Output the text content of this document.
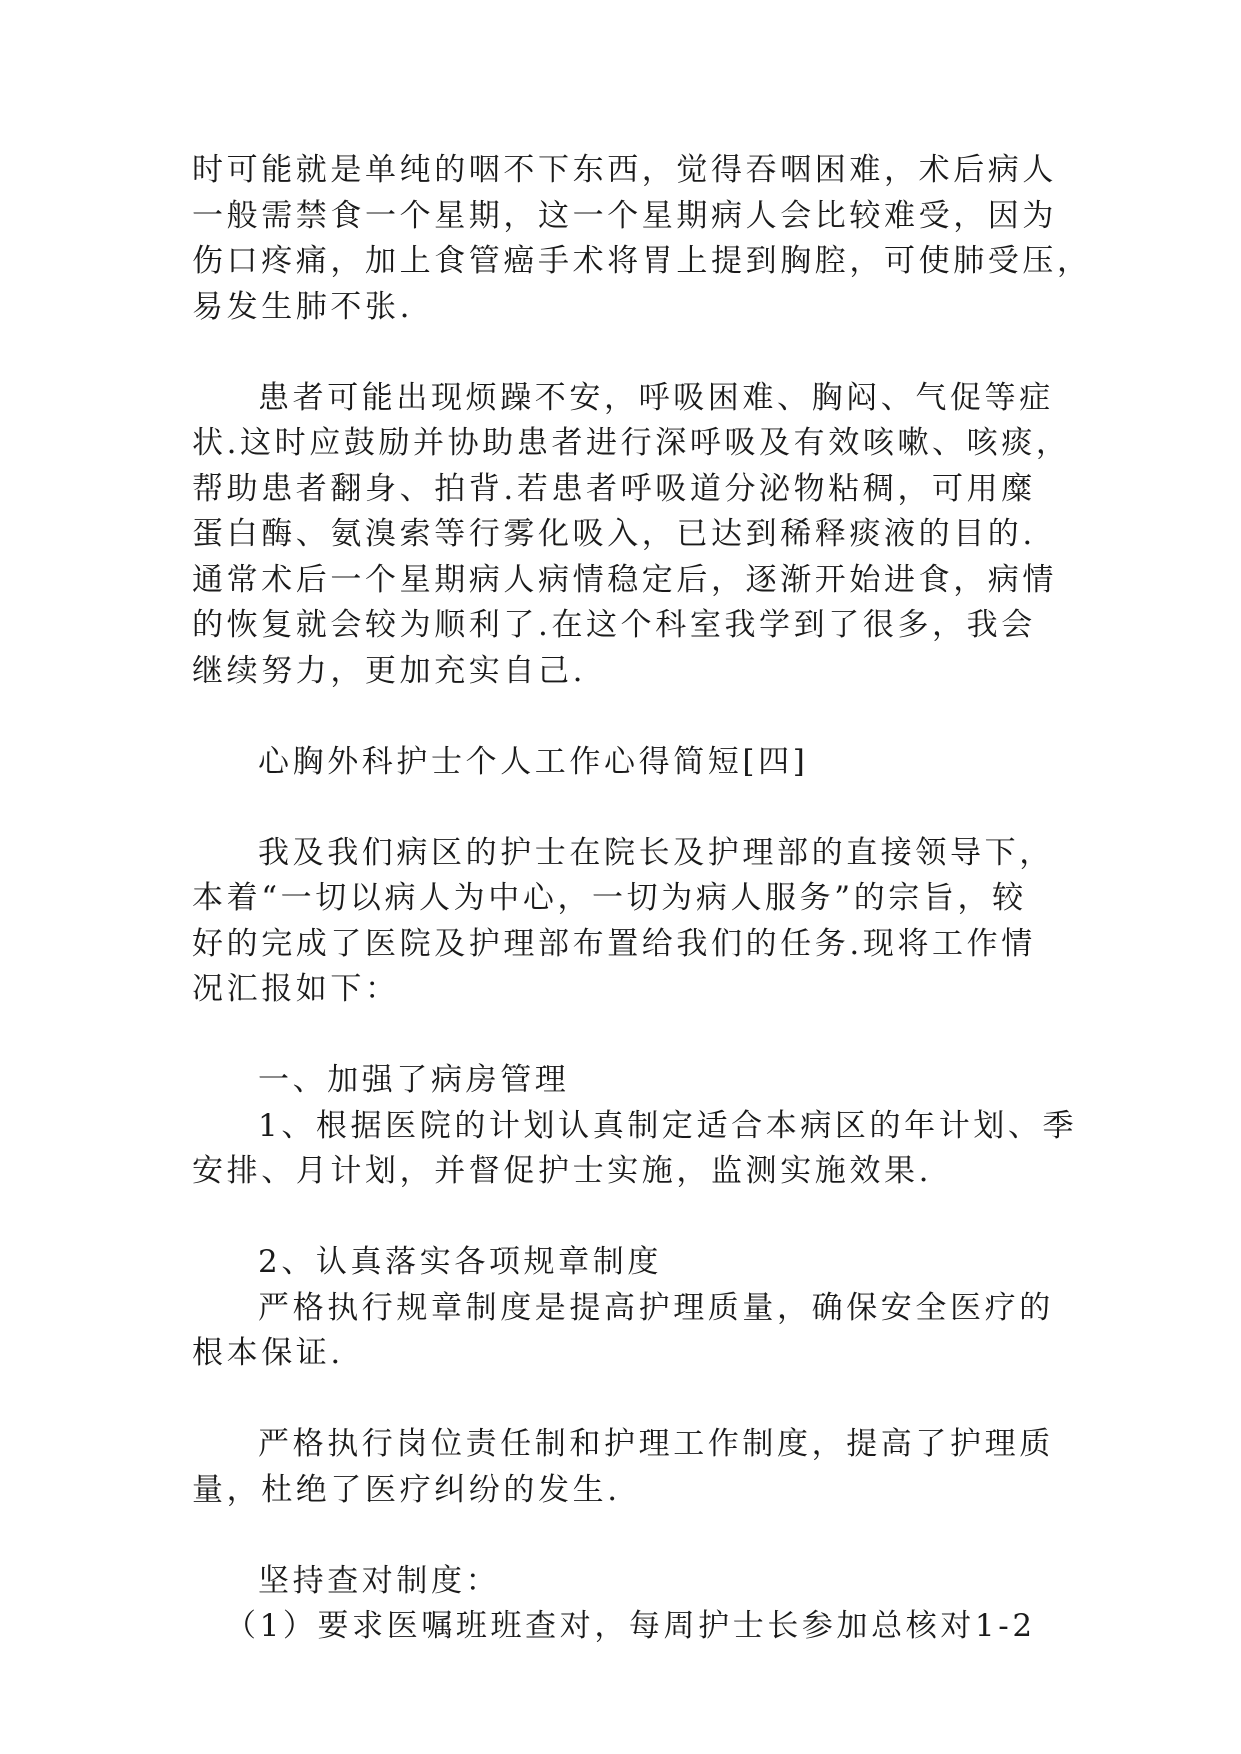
时可能就是单纯的咽不下东西，觉得吞咽困难，术后病人
一般需禁食一个星期，这一个星期病人会比较难受，因为
伤口疼痛，加上食管癌手术将胃上提到胸腔，可使肺受压，
易发生肺不张.
患者可能出现烦躁不安，呼吸困难、胸闷、气促等症
状.这时应鼓励并协助患者进行深呼吸及有效咳嗽、咳痰，
帮助患者翻身、拍背.若患者呼吸道分泌物粘稠，可用糜
蛋白酶、氨溴索等行雾化吸入，已达到稀释痰液的目的.
通常术后一个星期病人病情稳定后，逐渐开始进食，病情
的恢复就会较为顺利了.在这个科室我学到了很多，我会
继续努力，更加充实自己.
心胸外科护士个人工作心得简短[四]
我及我们病区的护士在院长及护理部的直接领导下，
本着“一切以病人为中心，一切为病人服务”的宗旨，较
好的完成了医院及护理部布置给我们的任务.现将工作情
况汇报如下：
一、加强了病房管理
1、根据医院的计划认真制定适合本病区的年计划、季
安排、月计划，并督促护士实施，监测实施效果.
2、认真落实各项规章制度
严格执行规章制度是提高护理质量，确保安全医疗的
根本保证.
严格执行岗位责任制和护理工作制度，提高了护理质
量，杜绝了医疗纠纷的发生.
坚持查对制度：
（1）要求医嘱班班查对，每周护士长参加总核对1-2
